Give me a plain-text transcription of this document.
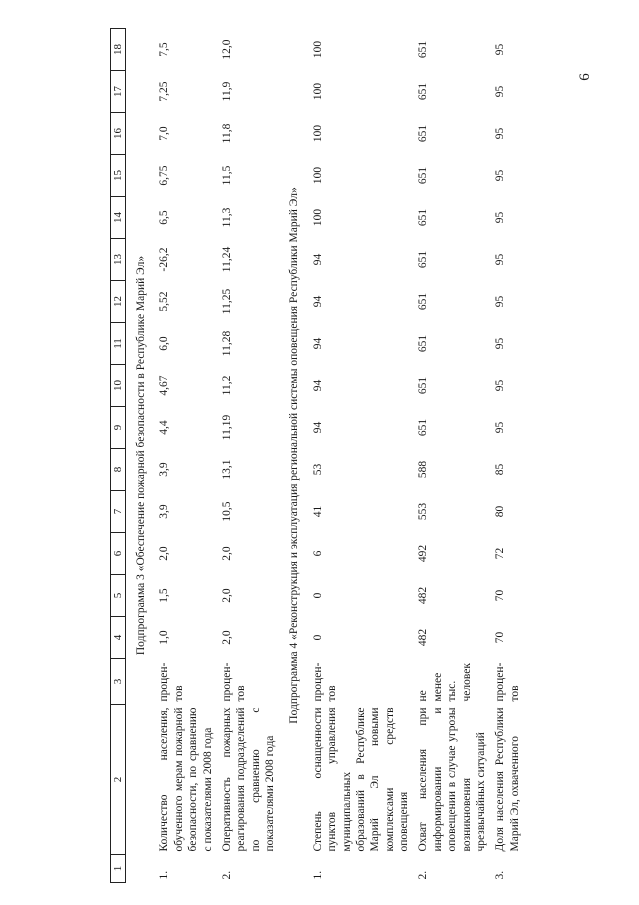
6
1	2	3	4	5	6	7	8	9	10	11	12	13	14	15	16	17	18
Подпрограмма 3 «Обеспечение пожарной безопасности в Республике Марий Эл»																	
1.	Количество населения, обученного мерам пожарной безопасности, по сравнению с показателями 2008 года	процен-тов	1,0	1,5	2,0	3,9	3,9	4,4	4,67	6,0	5,52	-26,2	6,5	6,75	7,0	7,25	7,5
2.	Оперативность пожарных реагирования подразделений по сравнению с показателями 2008 года	процен-тов	2,0	2,0	2,0	10,5	13,1	11,19	11,2	11,28	11,25	11,24	11,3	11,5	11,8	11,9	12,0
Подпрограмма 4 «Реконструкция и эксплуатация региональной системы оповещения Республики Марий Эл»																	
1.	Степень оснащенности пунктов управления муниципальных образований в Республике Марий Эл новыми комплексами средств оповещения	процен-тов	0	0	6	41	53	94	94	94	94	94	100	100	100	100	100
2.	Охват населения при информировании и оповещении в случае угрозы возникновения чрезвычайных ситуаций	не менее тыс. человек	482	482	492	553	588	651	651	651	651	651	651	651	651	651	651
3.	Доля населения Республики Марий Эл, охваченного	процен-тов	70	70	72	80	85	95	95	95	95	95	95	95	95	95	95
